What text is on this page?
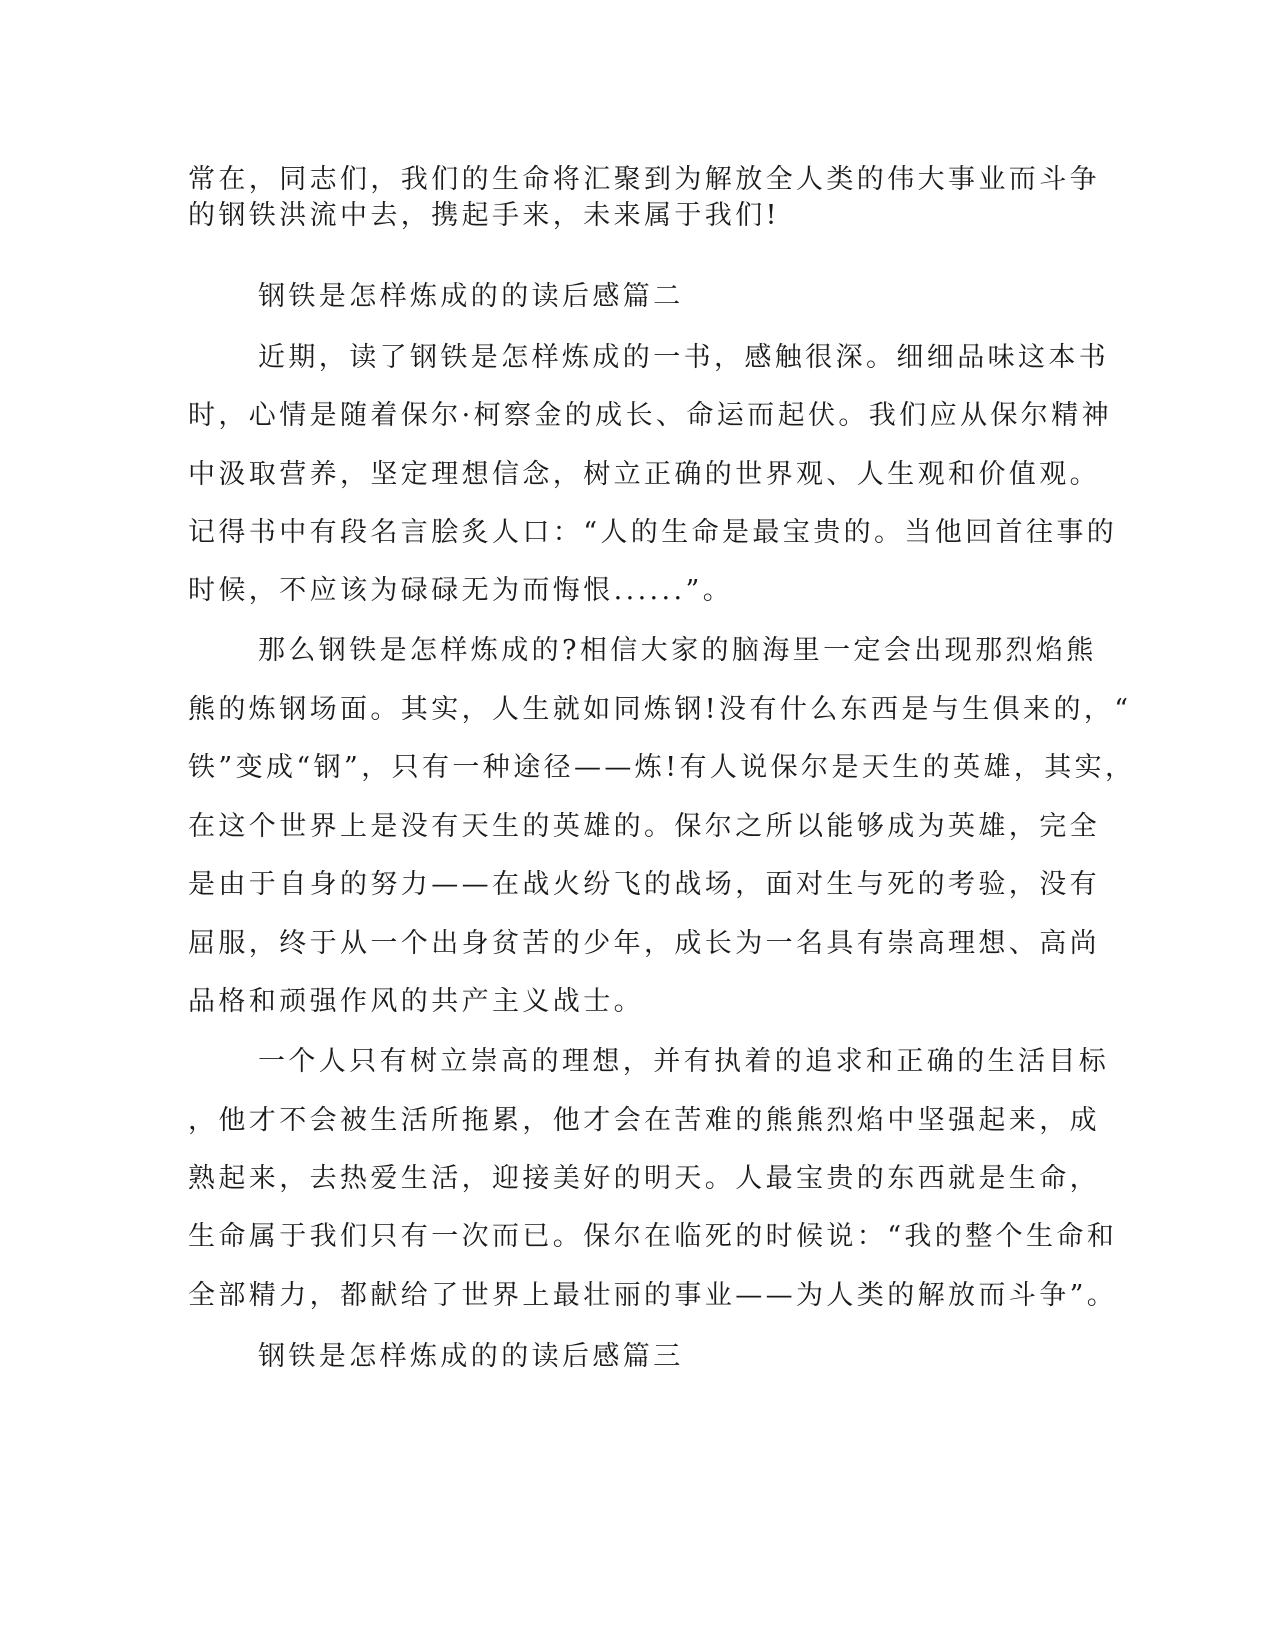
常在，同志们，我们的生命将汇聚到为解放全人类的伟大事业而斗争
的钢铁洪流中去，携起手来，未来属于我们!
钢铁是怎样炼成的的读后感篇二
近期，读了钢铁是怎样炼成的一书，感触很深。细细品味这本书
时，心情是随着保尔·柯察金的成长、命运而起伏。我们应从保尔精神
中汲取营养，坚定理想信念，树立正确的世界观、人生观和价值观。
记得书中有段名言脍炙人口：“人的生命是最宝贵的。当他回首往事的
时候，不应该为碌碌无为而悔恨......”。
那么钢铁是怎样炼成的?相信大家的脑海里一定会出现那烈焰熊
熊的炼钢场面。其实，人生就如同炼钢!没有什么东西是与生俱来的，“
铁”变成“钢”，只有一种途径——炼!有人说保尔是天生的英雄，其实，
在这个世界上是没有天生的英雄的。保尔之所以能够成为英雄，完全
是由于自身的努力——在战火纷飞的战场，面对生与死的考验，没有
屈服，终于从一个出身贫苦的少年，成长为一名具有崇高理想、高尚
品格和顽强作风的共产主义战士。
一个人只有树立崇高的理想，并有执着的追求和正确的生活目标
，他才不会被生活所拖累，他才会在苦难的熊熊烈焰中坚强起来，成
熟起来，去热爱生活，迎接美好的明天。人最宝贵的东西就是生命，
生命属于我们只有一次而已。保尔在临死的时候说：“我的整个生命和
全部精力，都献给了世界上最壮丽的事业——为人类的解放而斗争”。
钢铁是怎样炼成的的读后感篇三
